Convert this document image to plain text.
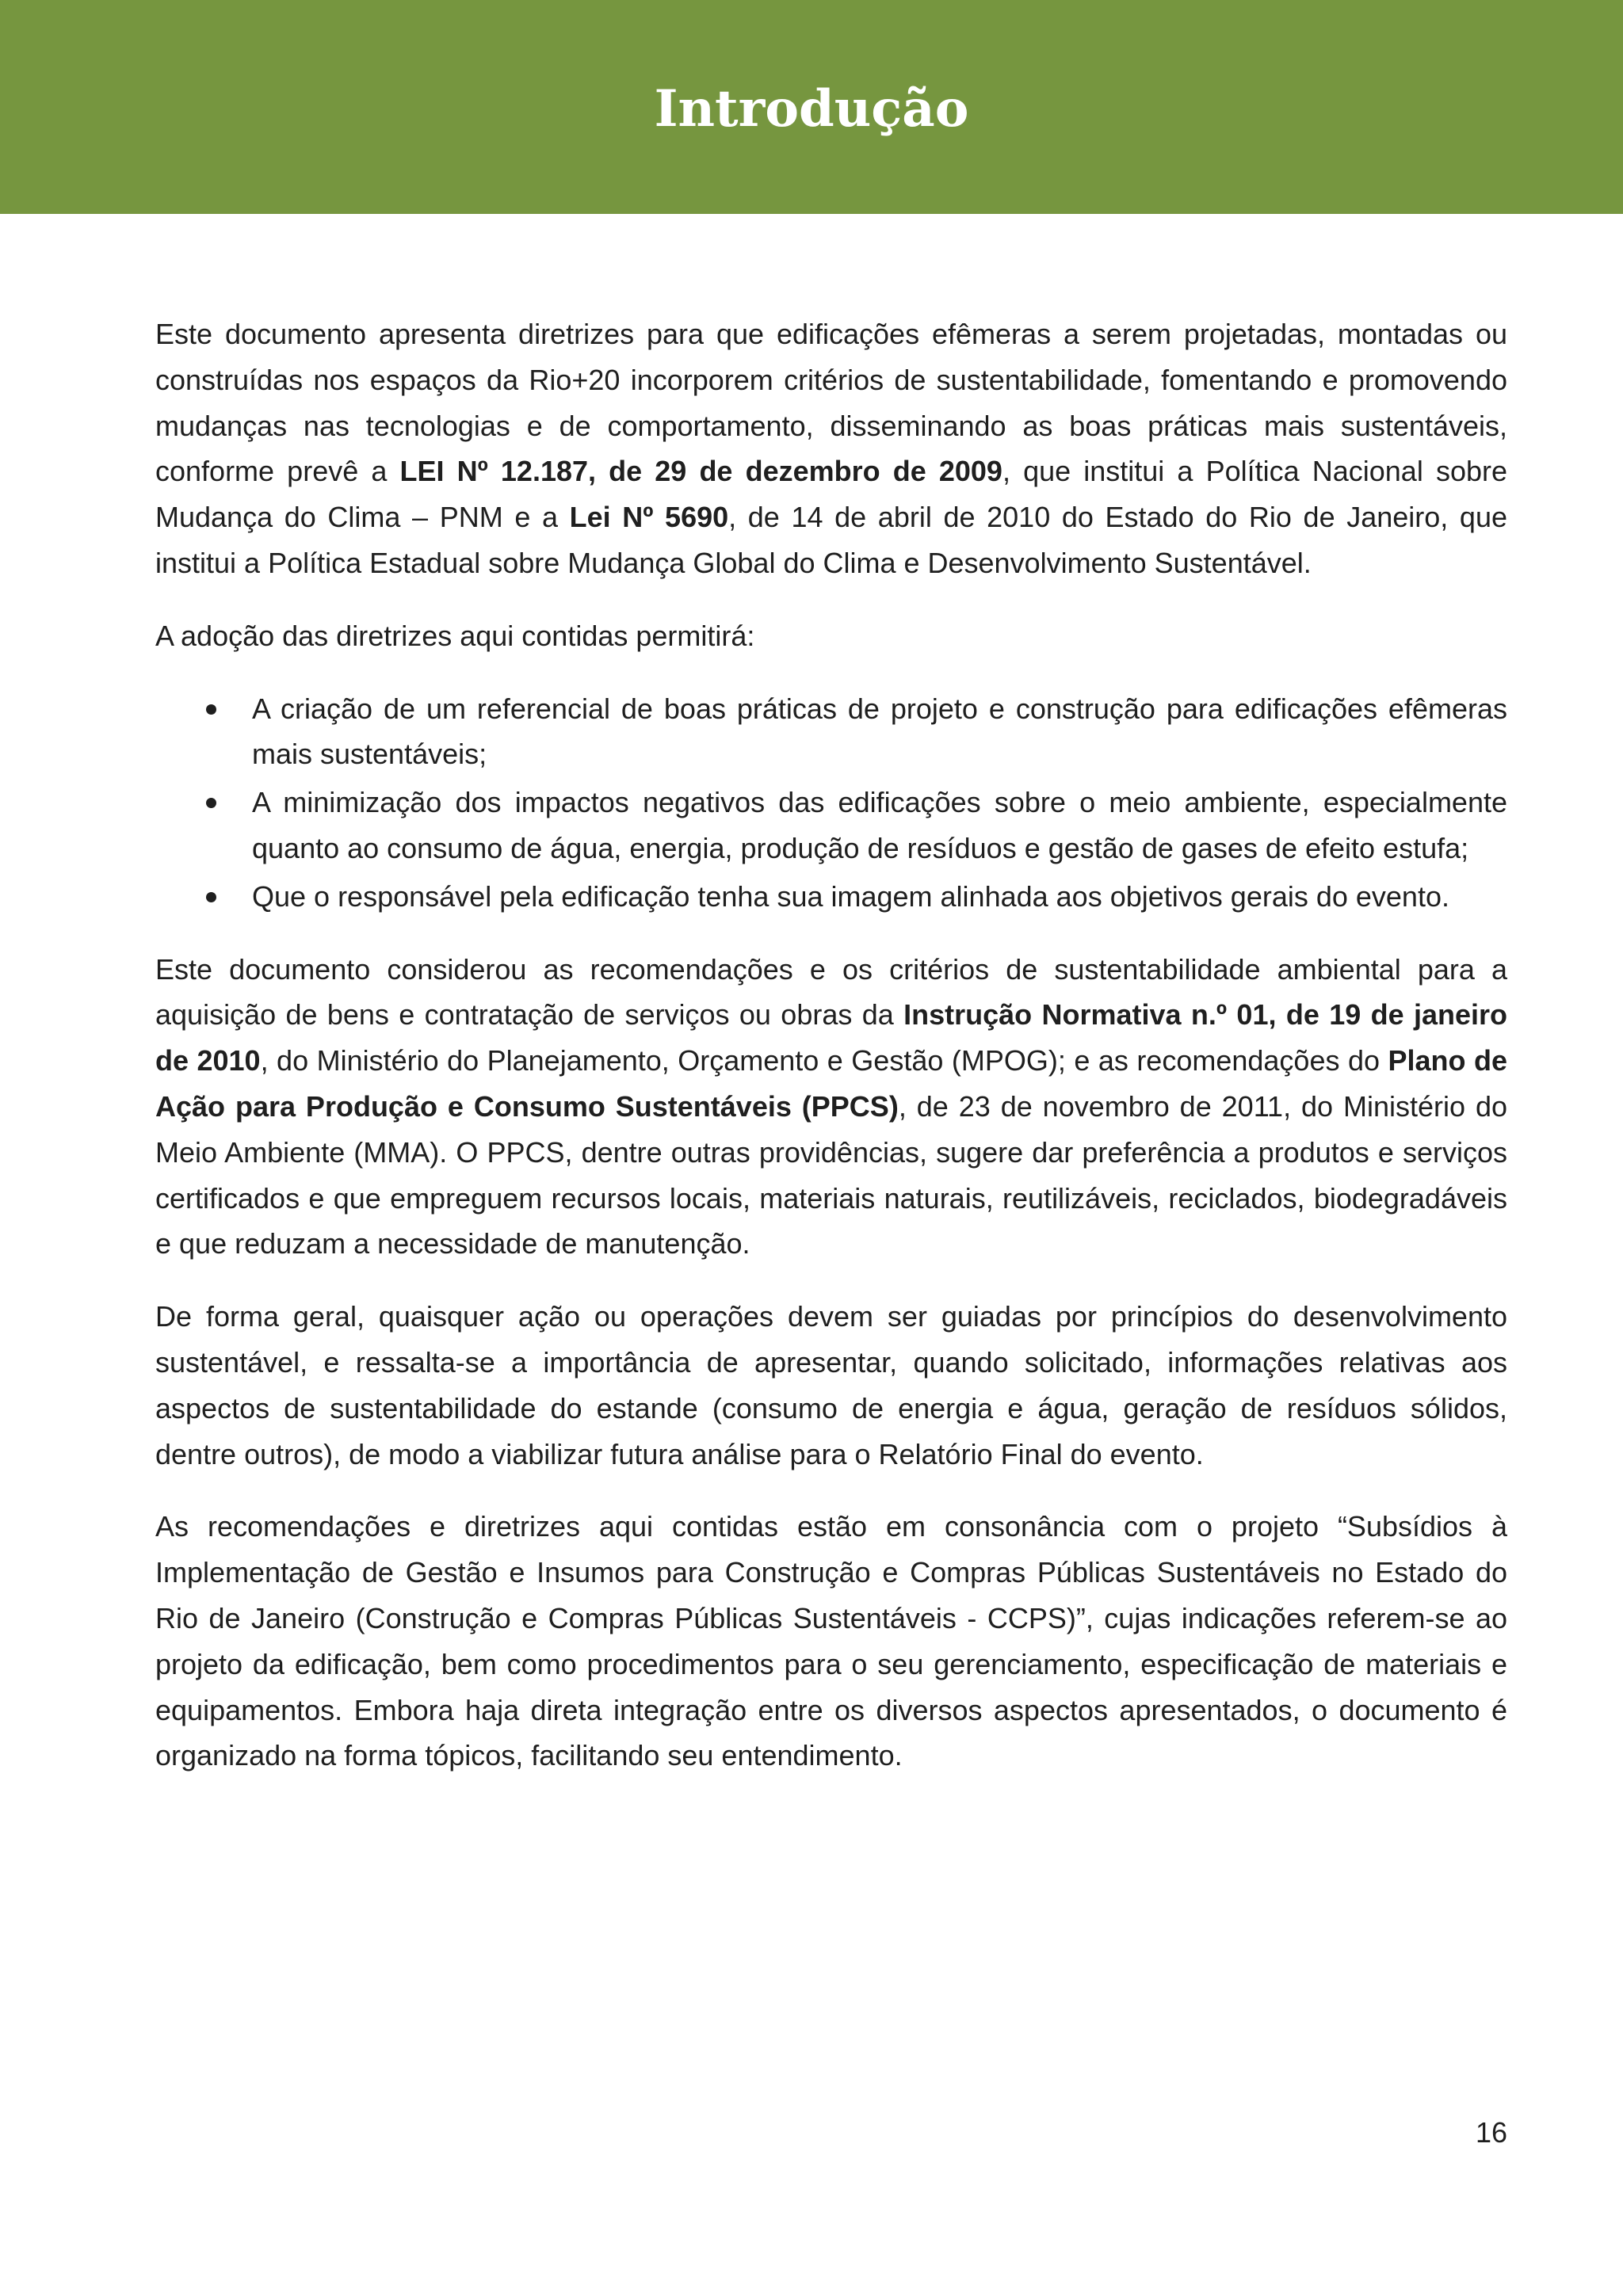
Introdução

Este documento apresenta diretrizes para que edificações efêmeras a serem projetadas, montadas ou construídas nos espaços da Rio+20 incorporem critérios de sustentabilidade, fomentando e promovendo mudanças nas tecnologias e de comportamento, disseminando as boas práticas mais sustentáveis, conforme prevê a LEI Nº 12.187, de 29 de dezembro de 2009, que institui a Política Nacional sobre Mudança do Clima – PNM e a Lei Nº 5690, de 14 de abril de 2010 do Estado do Rio de Janeiro, que institui a Política Estadual sobre Mudança Global do Clima e Desenvolvimento Sustentável.

A adoção das diretrizes aqui contidas permitirá:

A criação de um referencial de boas práticas de projeto e construção para edificações efêmeras mais sustentáveis;
A minimização dos impactos negativos das edificações sobre o meio ambiente, especialmente quanto ao consumo de água, energia, produção de resíduos e gestão de gases de efeito estufa;
Que o responsável pela edificação tenha sua imagem alinhada aos objetivos gerais do evento.

Este documento considerou as recomendações e os critérios de sustentabilidade ambiental para a aquisição de bens e contratação de serviços ou obras da Instrução Normativa n.º 01, de 19 de janeiro de 2010, do Ministério do Planejamento, Orçamento e Gestão (MPOG); e as recomendações do Plano de Ação para Produção e Consumo Sustentáveis (PPCS), de 23 de novembro de 2011, do Ministério do Meio Ambiente (MMA). O PPCS, dentre outras providências, sugere dar preferência a produtos e serviços certificados e que empreguem recursos locais, materiais naturais, reutilizáveis, reciclados, biodegradáveis e que reduzam a necessidade de manutenção.

De forma geral, quaisquer ação ou operações devem ser guiadas por princípios do desenvolvimento sustentável, e ressalta-se a importância de apresentar, quando solicitado, informações relativas aos aspectos de sustentabilidade do estande (consumo de energia e água, geração de resíduos sólidos, dentre outros), de modo a viabilizar futura análise para o Relatório Final do evento.

As recomendações e diretrizes aqui contidas estão em consonância com o projeto “Subsídios à Implementação de Gestão e Insumos para Construção e Compras Públicas Sustentáveis no Estado do Rio de Janeiro (Construção e Compras Públicas Sustentáveis - CCPS)”, cujas indicações referem-se ao projeto da edificação, bem como procedimentos para o seu gerenciamento, especificação de materiais e equipamentos. Embora haja direta integração entre os diversos aspectos apresentados, o documento é organizado na forma tópicos, facilitando seu entendimento.

16
